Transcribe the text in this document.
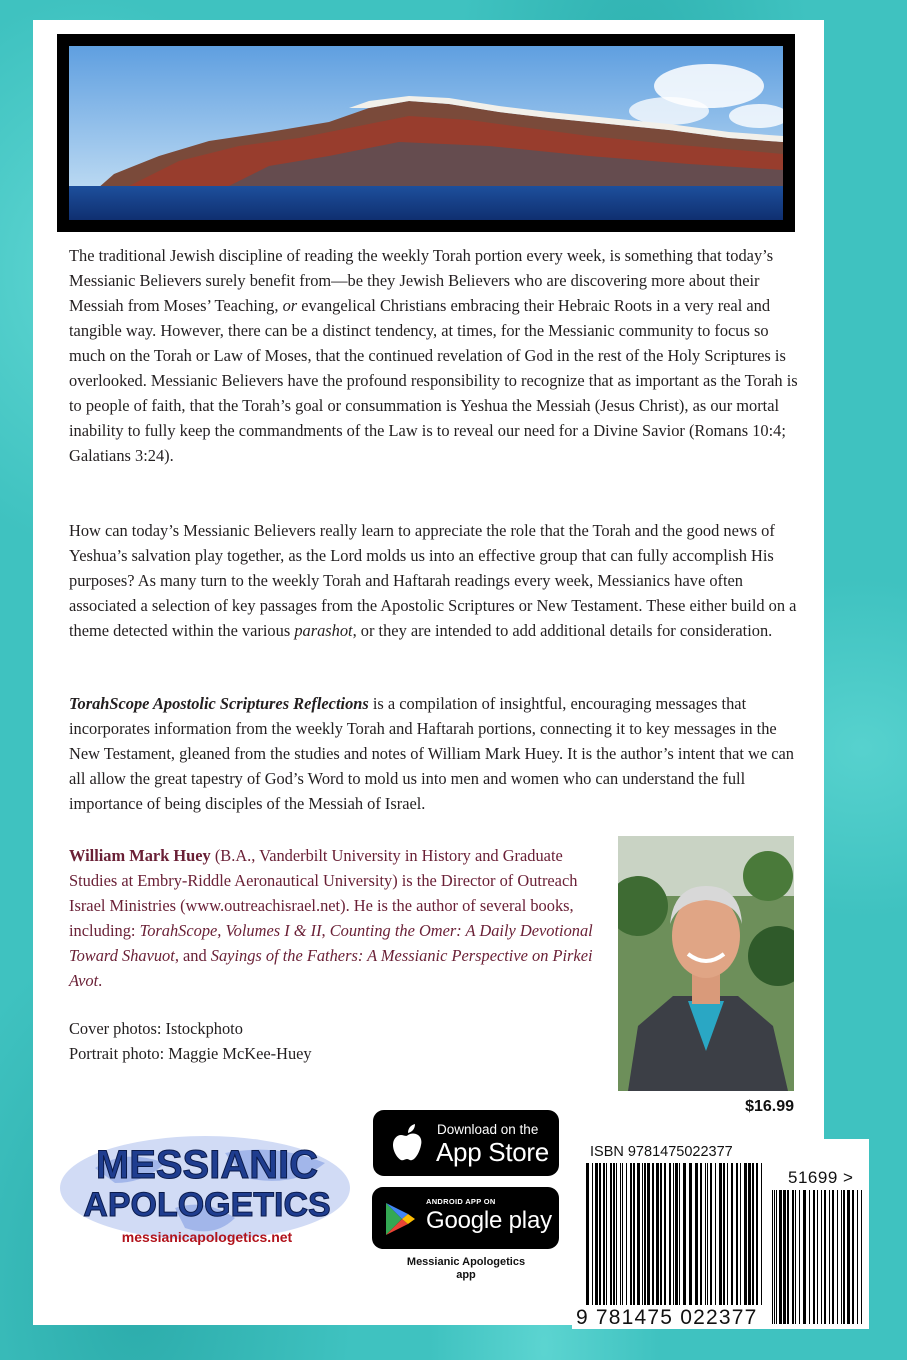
The traditional Jewish discipline of reading the weekly Torah portion every week, is something that today’s Messianic Believers surely benefit from—be they Jewish Believers who are discovering more about their Messiah from Moses’ Teaching, or evangelical Christians embracing their Hebraic Roots in a very real and tangible way. However, there can be a distinct tendency, at times, for the Messianic community to focus so much on the Torah or Law of Moses, that the continued revelation of God in the rest of the Holy Scriptures is overlooked. Messianic Believers have the profound responsibility to recognize that as important as the Torah is to people of faith, that the Torah’s goal or consummation is Yeshua the Messiah (Jesus Christ), as our mortal inability to fully keep the commandments of the Law is to reveal our need for a Divine Savior (Romans 10:4; Galatians 3:24).

How can today’s Messianic Believers really learn to appreciate the role that the Torah and the good news of Yeshua’s salvation play together, as the Lord molds us into an effective group that can fully accomplish His purposes? As many turn to the weekly Torah and Haftarah readings every week, Messianics have often associated a selection of key passages from the Apostolic Scriptures or New Testament. These either build on a theme detected within the various parashot, or they are intended to add additional details for consideration.

TorahScope Apostolic Scriptures Reflections is a compilation of insightful, encouraging messages that incorporates information from the weekly Torah and Haftarah portions, connecting it to key messages in the New Testament, gleaned from the studies and notes of William Mark Huey. It is the author’s intent that we can all allow the great tapestry of God’s Word to mold us into men and women who can understand the full importance of being disciples of the Messiah of Israel.

William Mark Huey (B.A., Vanderbilt University in History and Graduate Studies at Embry-Riddle Aeronautical University) is the Director of Outreach Israel Ministries (www.outreachisrael.net). He is the author of several books, including: TorahScope, Volumes I & II, Counting the Omer: A Daily Devotional Toward Shavuot, and Sayings of the Fathers: A Messianic Perspective on Pirkei Avot.

Cover photos: Istockphoto
Portrait photo: Maggie McKee-Huey
$16.99
MESSIANIC
APOLOGETICS
messianicapologetics.net
Download on the
App Store
ANDROID APP ON
Google play
Messianic Apologetics
app
ISBN 9781475022377
51699 >
9 781475 022377
